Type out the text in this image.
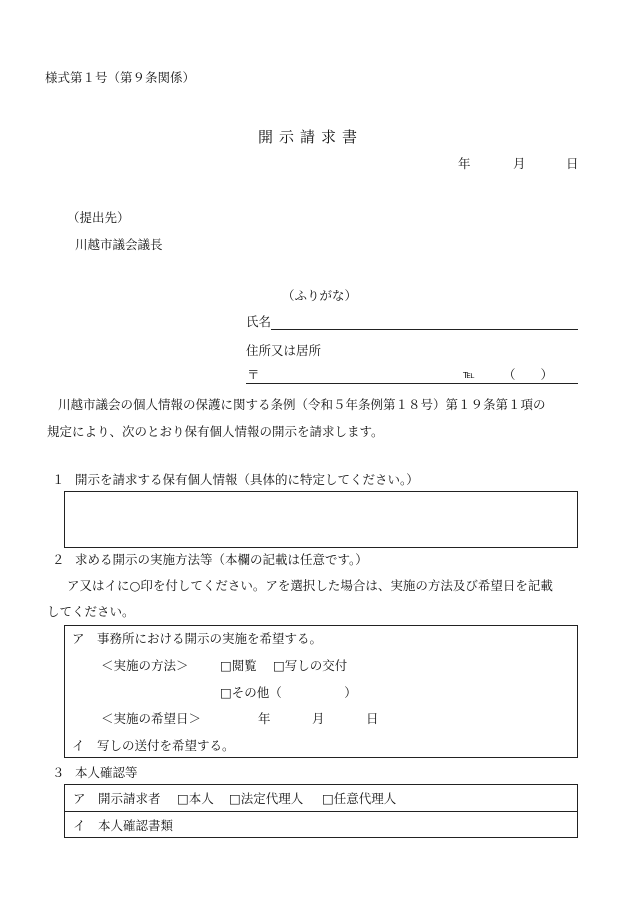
様式第１号（第９条関係）
開示請求書
年	月	日
（提出先）
川越市議会議長
（ふりがな）
氏名
住所又は居所
〒	℡ （　　）
川越市議会の個人情報の保護に関する条例（令和５年条例第１８号）第１９条第１項の
規定により、次のとおり保有個人情報の開示を請求します。
１ 開示を請求する保有個人情報（具体的に特定してください。）
２ 求める開示の実施方法等（本欄の記載は任意です。）
ア又はイに○印を付してください。アを選択した場合は、実施の方法及び希望日を記載
してください。
ア　事務所における開示の実施を希望する。
＜実施の方法＞	□閲覧 □写しの交付
□その他（　　　　　）
＜実施の希望日＞	年	月	日
イ　写しの送付を希望する。
３ 本人確認等
ア　開示請求者 □本人 □法定代理人 □任意代理人
イ　本人確認書類
